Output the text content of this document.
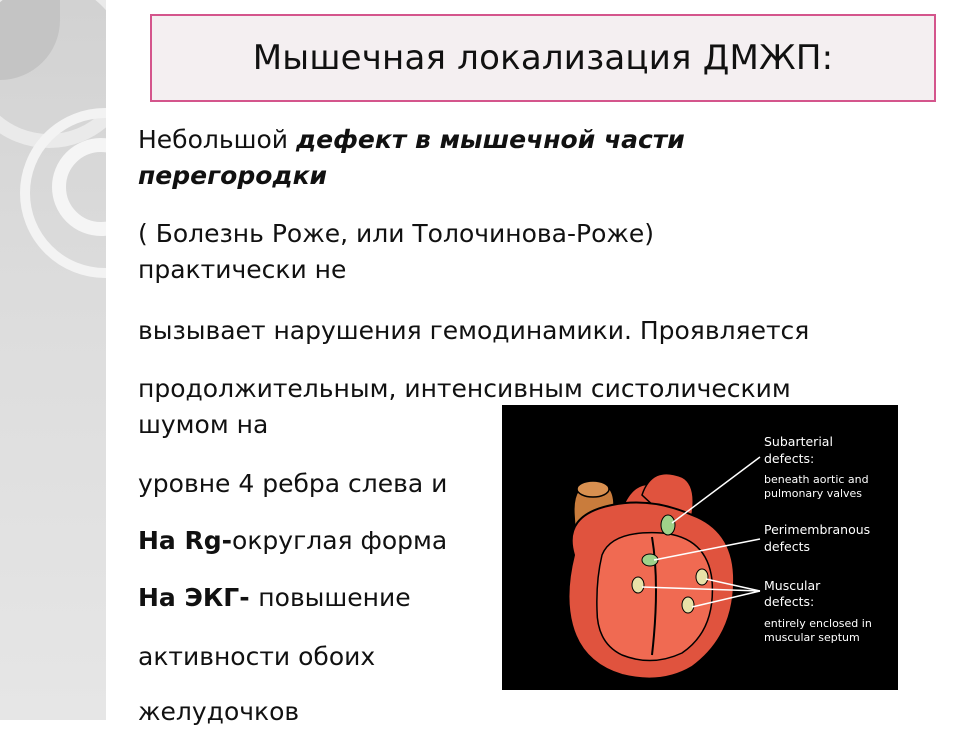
Мышечная локализация ДМЖП:
Небольшой дефект в мышечной части
перегородки
( Болезнь Роже, или Толочинова-Роже)
практически не
вызывает нарушения гемодинамики. Проявляется
продолжительным, интенсивным систолическим
шумом на
уровне 4 ребра слева и
На Rg-округлая форма
На ЭКГ- повышение
активности обоих
желудочков
Subarterial
defects:
beneath aortic and
pulmonary valves
Perimembranous
defects
Muscular
defects:
entirely enclosed in
muscular septum
